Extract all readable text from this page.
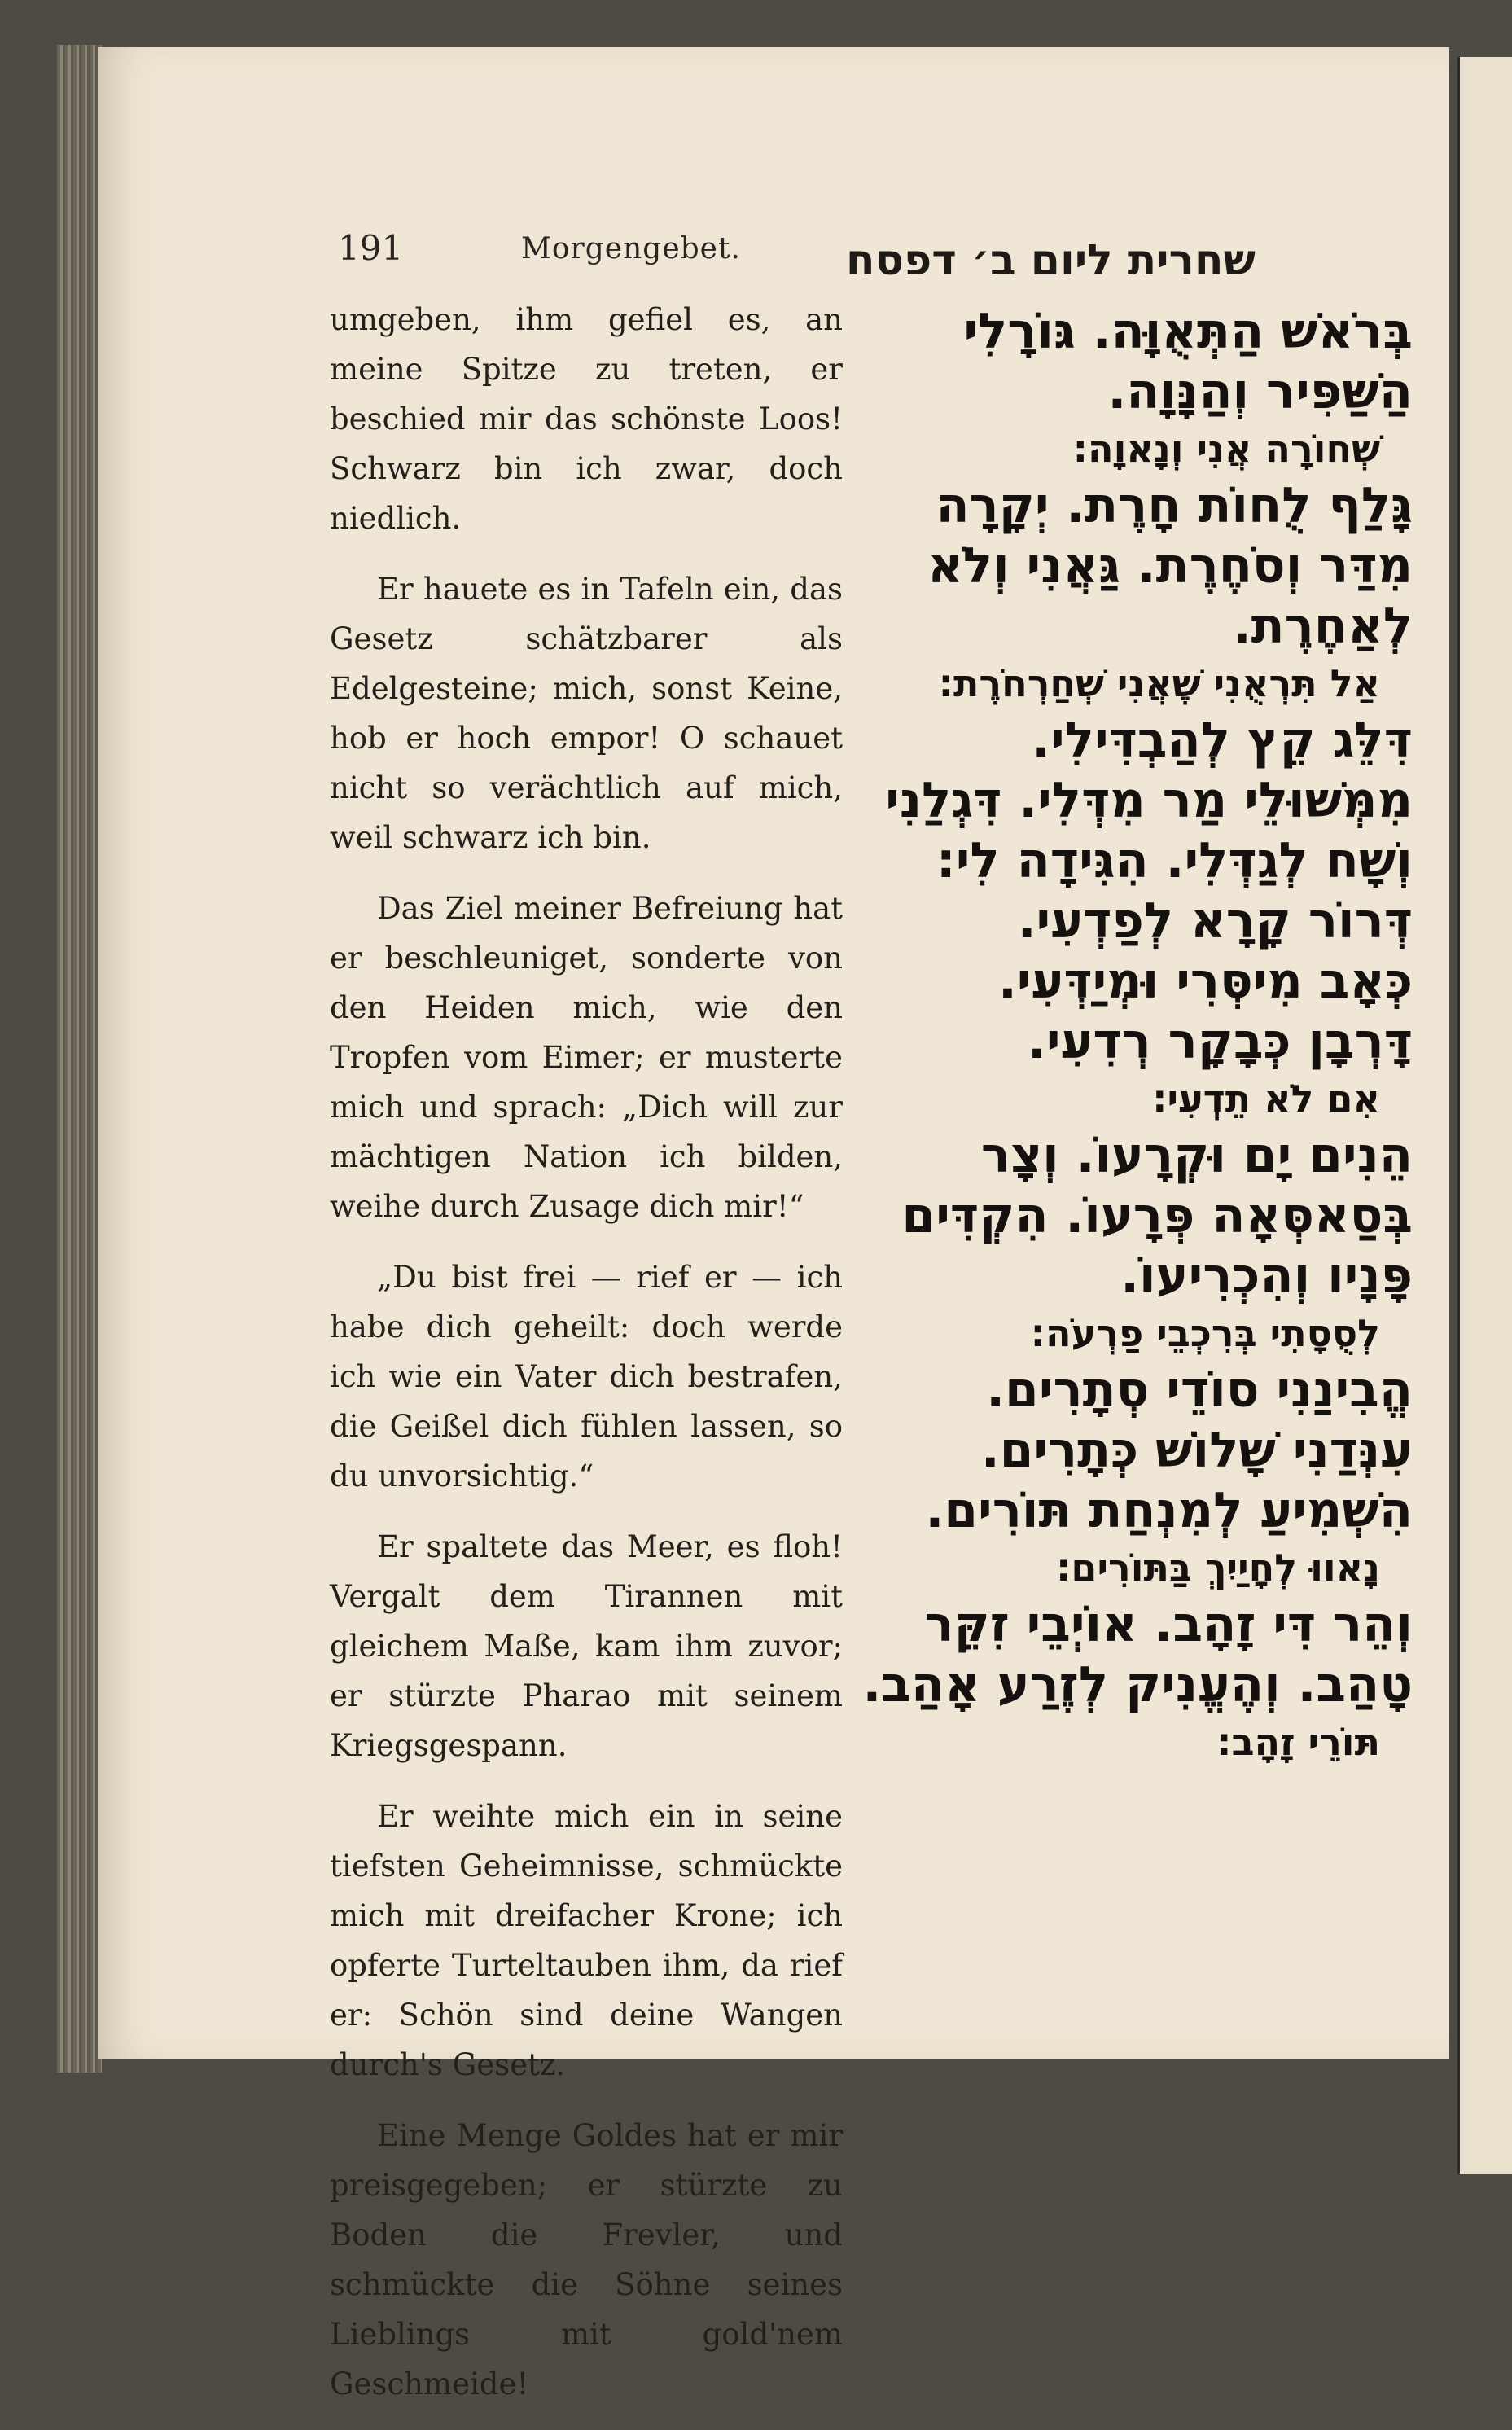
191	Morgengebet.	שחרית ליום ב׳ דפסח

umgeben, ihm gefiel es, an meine Spitze zu treten, er beschied mir das schönste Loos! Schwarz bin ich zwar, doch niedlich.

Er hauete es in Tafeln ein, das Gesetz schätzbarer als Edelgesteine; mich, sonst Keine, hob er hoch empor! O schauet nicht so verächtlich auf mich, weil schwarz ich bin.

Das Ziel meiner Befreiung hat er beschleuniget, sonderte von den Heiden mich, wie den Tropfen vom Eimer; er musterte mich und sprach: „Dich will zur mächtigen Nation ich bilden, weihe durch Zusage dich mir!“

„Du bist frei — rief er — ich habe dich geheilt: doch werde ich wie ein Vater dich bestrafen, die Geißel dich fühlen lassen, so du unvorsichtig.“

Er spaltete das Meer, es floh! Vergalt dem Tirannen mit gleichem Maße, kam ihm zuvor; er stürzte Pharao mit seinem Kriegsgespann.

Er weihte mich ein in seine tiefsten Geheimnisse, schmückte mich mit dreifacher Krone; ich opferte Turteltauben ihm, da rief er: Schön sind deine Wangen durch's Gesetz.

Eine Menge Goldes hat er mir preisgegeben; er stürzte zu Boden die Frevler, und schmückte die Söhne seines Lieblings mit gold'nem Geschmeide!

בְּרֹאשׁ הַתְּאֻוָּה. גּוֹרָלִי
הַשַּׁפִּיר וְהַנָּוָה.
שְׁחוֹרָה אֲנִי וְנָאוָה:
גָּלַף לֻחוֹת חָרֶת. יְקָרָה
מִדַּר וְסֹחֶרֶת. גַּאֲנִי וְלֹא
לְאַחֶרֶת.
אַל תִּרְאֻנִי שֶׁאֲנִי שְׁחַרְחֹרֶת:
דִּלֵּג קֵץ לְהַבְדִּילִי.
מִמְּשׁוּלֵי מַר מִדְּלִי. דִּגְלַנִי
וְשָׁח לְגַדְּלִי. הִגִּידָה לִי:
דְּרוֹר קָרָא לְפַדְעִי.
כְּאָב מִיסְּרִי וּמְיַדְּעִי.
דָּרְבָן כְּבָקָר רְדִעִי.
אִם לֹא תֵדְעִי:
הֵנִים יָם וּקְרָעוֹ. וְצָר
בְּסַאסְּאָה פְּרָעוֹ. הִקְדִּים
פָּנָיו וְהִכְרִיעוֹ.
לְסֻסָתִי בְּרִכְבֵי פַרְעֹה:
הֱבִינַנִי סוֹדֵי סְתָרִים.
עִנְּדַנִי שָׁלוֹשׁ כְּתָרִים.
הִשְׁמִיעַ לְמִנְחַת תּוֹרִים.
נָאווּ לְחָיַיִךְ בַּתּוֹרִים:
וְהֵר דִּי זָהָב. אוֹיְבֵי זִקֵּר
טָהַב. וְהֶעֱנִיק לְזֶרַע אָהַב.
תּוֹרֵי זָהָב:
